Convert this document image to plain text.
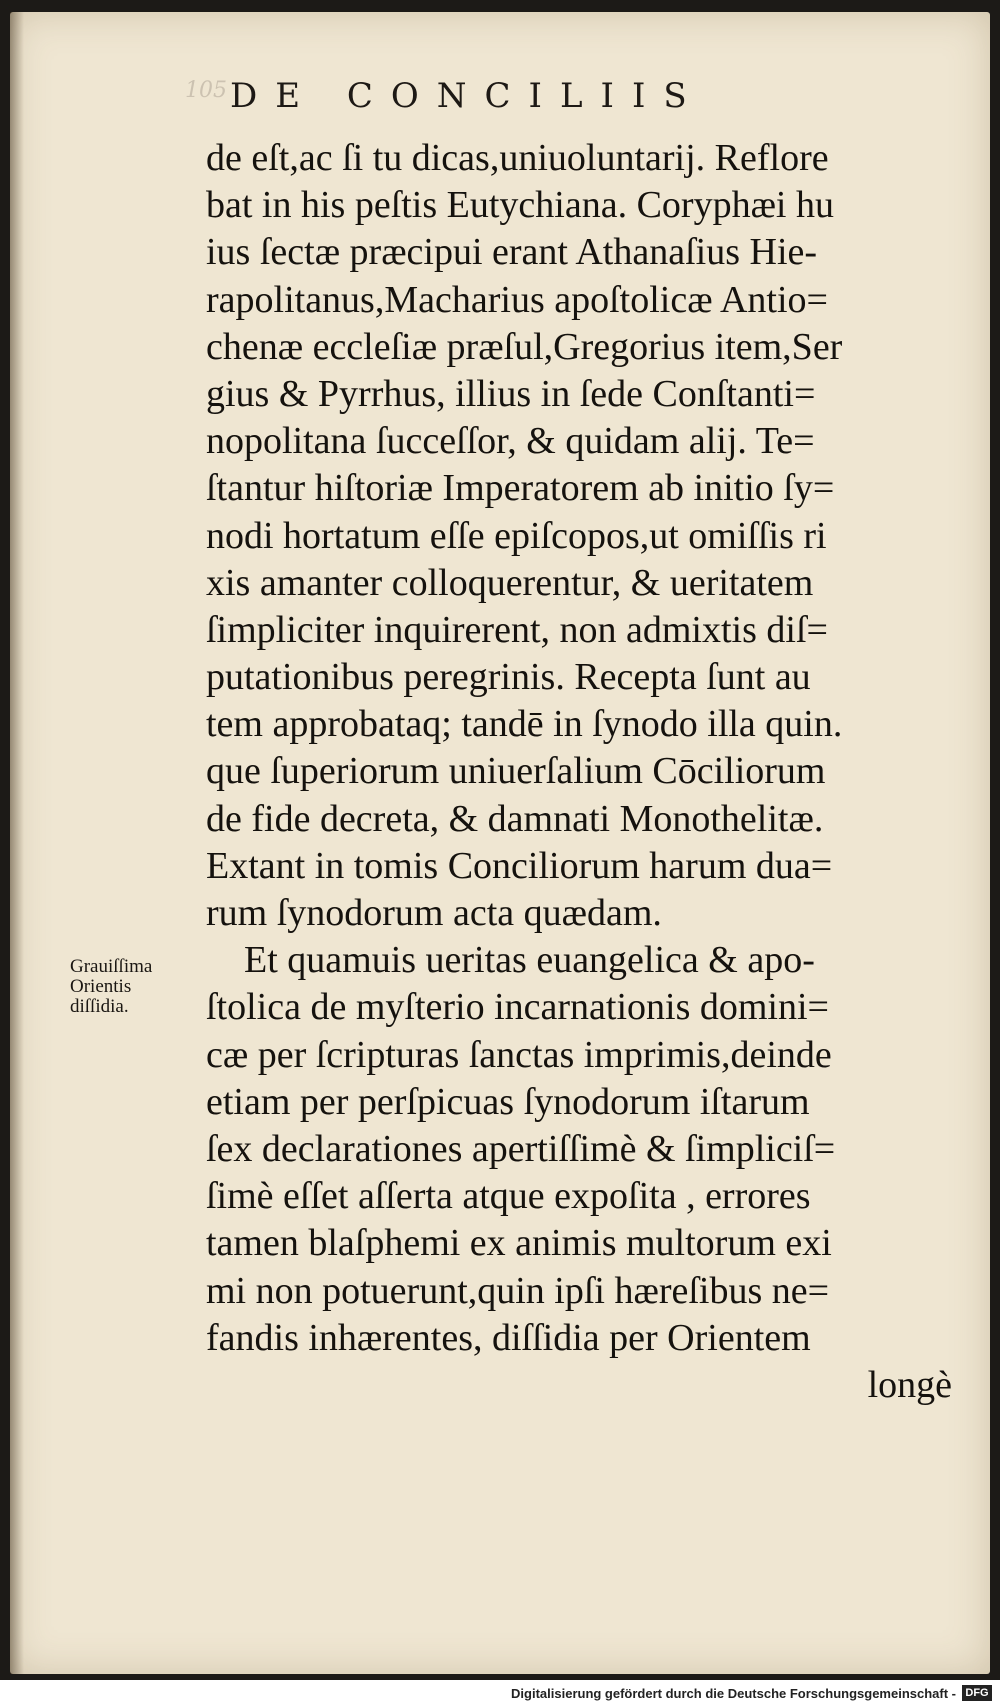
105 DE CONCILIIS
de eſt,ac ſi tu dicas,uniuoluntarij. Reflore
bat in his peſtis Eutychiana. Coryphæi hu
ius ſectæ præcipui erant Athanaſius Hie-
rapolitanus,Macharius apoſtolicæ Antio=
chenæ eccleſiæ præſul,Gregorius item,Ser
gius & Pyrrhus, illius in ſede Conſtanti=
nopolitana ſucceſſor, & quidam alij. Te=
ſtantur hiſtoriæ Imperatorem ab initio ſy=
nodi hortatum eſſe epiſcopos,ut omiſſis ri
xis amanter colloquerentur, & ueritatem
ſimpliciter inquirerent, non admixtis diſ=
putationibus peregrinis. Recepta ſunt au
tem approbataq; tandē in ſynodo illa quin.
que ſuperiorum uniuerſalium Cōciliorum
de fide decreta, & damnati Monothelitæ.
Extant in tomis Conciliorum harum dua=
rum ſynodorum acta quædam.
Et quamuis ueritas euangelica & apo-
ſtolica de myſterio incarnationis domini=
cæ per ſcripturas ſanctas imprimis,deinde
etiam per perſpicuas ſynodorum iſtarum
ſex declarationes apertiſſimè & ſimpliciſ=
ſimè eſſet aſſerta atque expoſita , errores
tamen blaſphemi ex animis multorum exi
mi non potuerunt,quin ipſi hæreſibus ne=
fandis inhærentes, diſſidia per Orientem
longè
Grauiſſima
Orientis
diſſidia.
Digitalisierung gefördert durch die Deutsche Forschungsgemeinschaft - DFG
